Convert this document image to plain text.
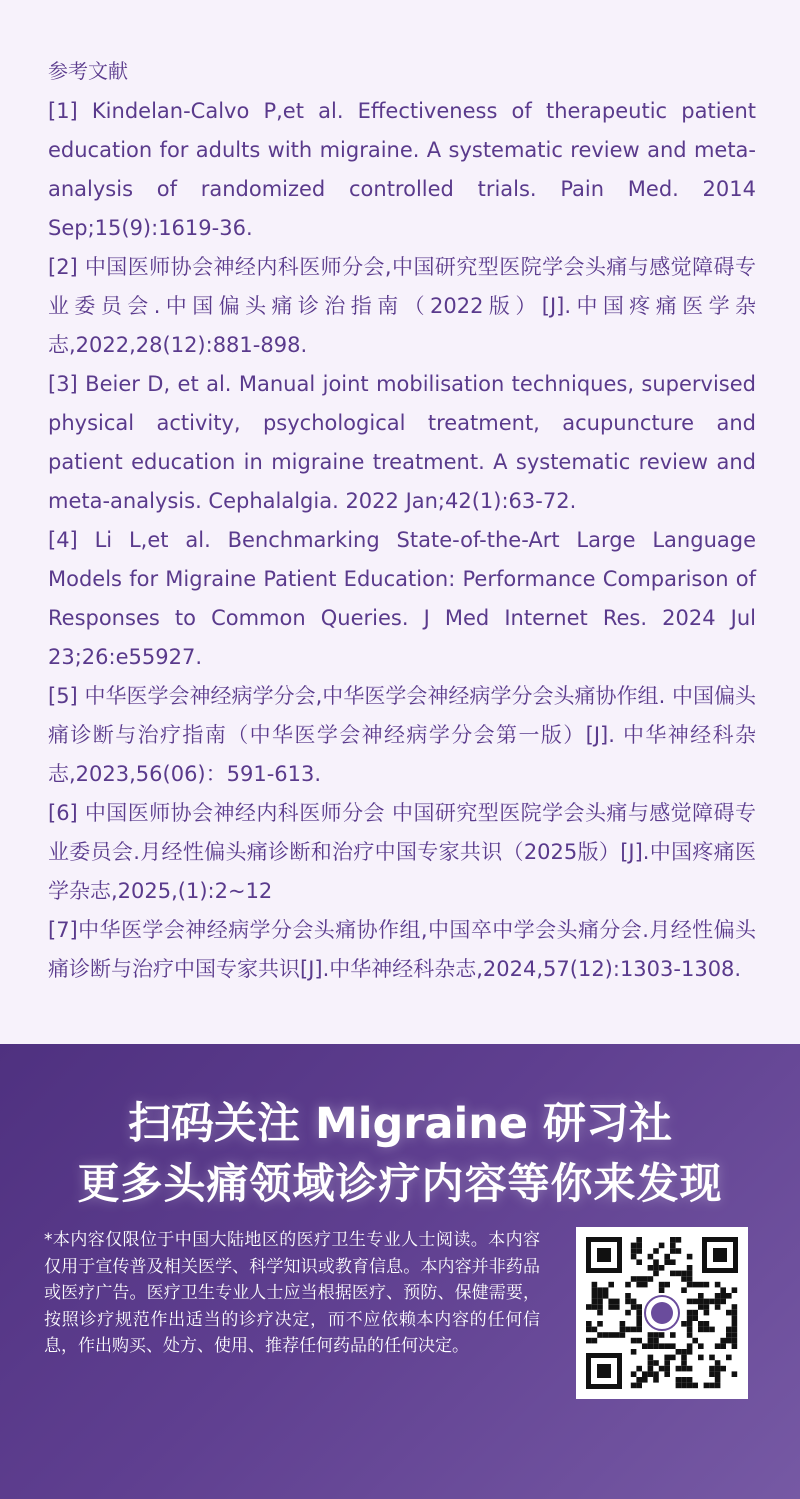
参考文献
[1] Kindelan-Calvo P,et al. Effectiveness of therapeutic patient education for adults with migraine. A systematic review and meta-analysis of randomized controlled trials. Pain Med. 2014 Sep;15(9):1619-36.
[2] 中国医师协会神经内科医师分会,中国研究型医院学会头痛与感觉障碍专业委员会.中国偏头痛诊治指南（2022版）[J].中国疼痛医学杂志,2022,28(12):881-898.
[3] Beier D, et al. Manual joint mobilisation techniques, supervised physical activity, psychological treatment, acupuncture and patient education in migraine treatment. A systematic review and meta-analysis. Cephalalgia. 2022 Jan;42(1):63-72.
[4] Li L,et al. Benchmarking State-of-the-Art Large Language Models for Migraine Patient Education: Performance Comparison of Responses to Common Queries. J Med Internet Res. 2024 Jul 23;26:e55927.
[5] 中华医学会神经病学分会,中华医学会神经病学分会头痛协作组. 中国偏头痛诊断与治疗指南（中华医学会神经病学分会第一版）[J]. 中华神经科杂志,2023,56(06)：591-613.
[6] 中国医师协会神经内科医师分会 中国研究型医院学会头痛与感觉障碍专业委员会.月经性偏头痛诊断和治疗中国专家共识（2025版）[J].中国疼痛医学杂志,2025,(1):2~12
[7]中华医学会神经病学分会头痛协作组,中国卒中学会头痛分会.月经性偏头痛诊断与治疗中国专家共识[J].中华神经科杂志,2024,57(12):1303-1308.
扫码关注 Migraine 研习社
更多头痛领域诊疗内容等你来发现
*本内容仅限位于中国大陆地区的医疗卫生专业人士阅读。本内容仅用于宣传普及相关医学、科学知识或教育信息。本内容并非药品或医疗广告。医疗卫生专业人士应当根据医疗、预防、保健需要，按照诊疗规范作出适当的诊疗决定，而不应依赖本内容的任何信息，作出购买、处方、使用、推荐任何药品的任何决定。
